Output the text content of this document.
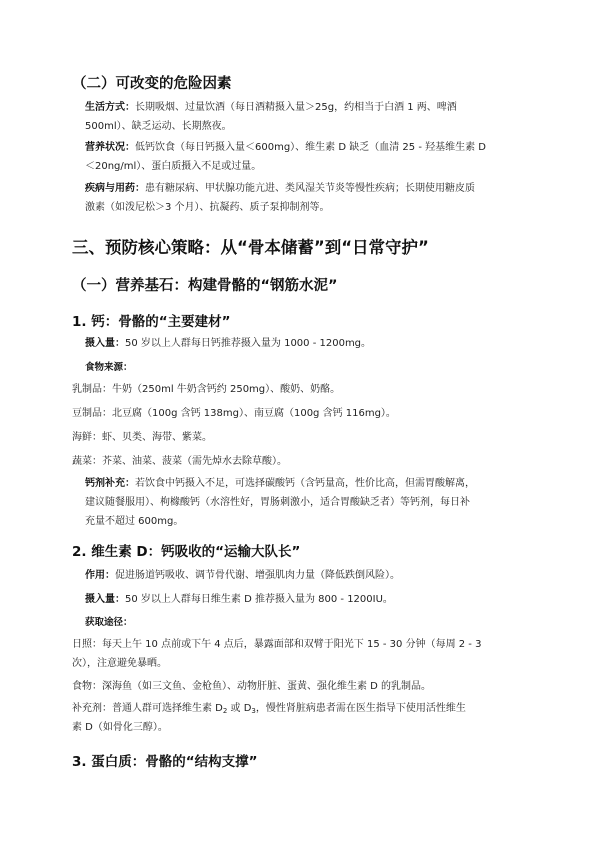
（二）可改变的危险因素
生活方式：长期吸烟、过量饮酒（每日酒精摄入量＞25g，约相当于白酒 1 两、啤酒
500ml）、缺乏运动、长期熬夜。
营养状况：低钙饮食（每日钙摄入量＜600mg）、维生素 D 缺乏（血清 25 - 羟基维生素 D
＜20ng/ml）、蛋白质摄入不足或过量。
疾病与用药：患有糖尿病、甲状腺功能亢进、类风湿关节炎等慢性疾病；长期使用糖皮质
激素（如泼尼松＞3 个月）、抗凝药、质子泵抑制剂等。
三、预防核心策略：从“骨本储蓄”到“日常守护”
（一）营养基石：构建骨骼的“钢筋水泥”
1. 钙：骨骼的“主要建材”
摄入量：50 岁以上人群每日钙推荐摄入量为 1000 - 1200mg。
食物来源：
乳制品：牛奶（250ml 牛奶含钙约 250mg）、酸奶、奶酪。
豆制品：北豆腐（100g 含钙 138mg）、南豆腐（100g 含钙 116mg）。
海鲜：虾、贝类、海带、紫菜。
蔬菜：芥菜、油菜、菠菜（需先焯水去除草酸）。
钙剂补充：若饮食中钙摄入不足，可选择碳酸钙（含钙量高，性价比高，但需胃酸解离，
建议随餐服用）、枸橼酸钙（水溶性好，胃肠刺激小，适合胃酸缺乏者）等钙剂，每日补
充量不超过 600mg。
2. 维生素 D：钙吸收的“运输大队长”
作用：促进肠道钙吸收、调节骨代谢、增强肌肉力量（降低跌倒风险）。
摄入量：50 岁以上人群每日维生素 D 推荐摄入量为 800 - 1200IU。
获取途径：
日照：每天上午 10 点前或下午 4 点后，暴露面部和双臂于阳光下 15 - 30 分钟（每周 2 - 3
次），注意避免暴晒。
食物：深海鱼（如三文鱼、金枪鱼）、动物肝脏、蛋黄、强化维生素 D 的乳制品。
补充剂：普通人群可选择维生素 $D_2$ 或 $D_3$，慢性肾脏病患者需在医生指导下使用活性维生
素 D（如骨化三醇）。
3. 蛋白质：骨骼的“结构支撑”
